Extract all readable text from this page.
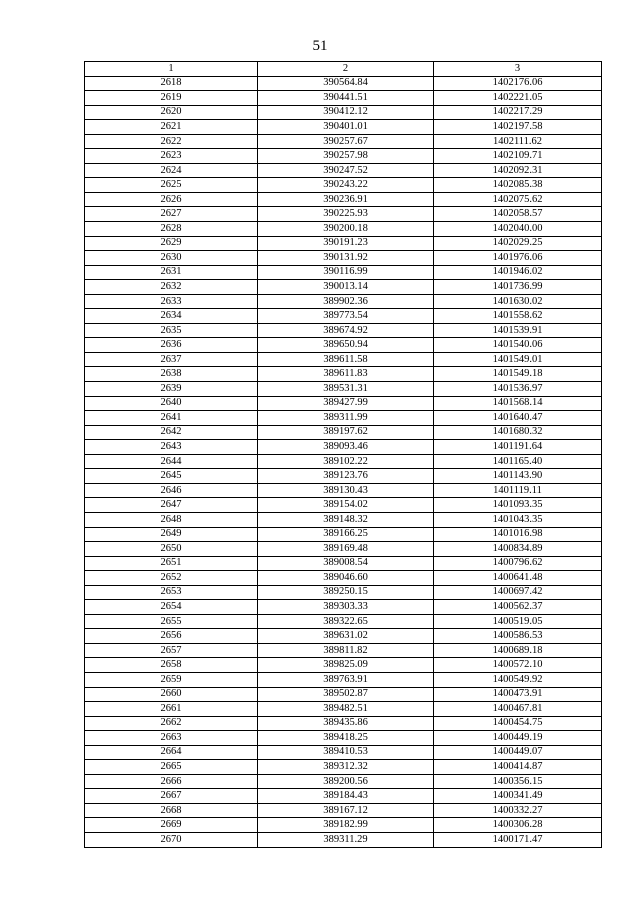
51
1	2	3
2618	390564.84	1402176.06
2619	390441.51	1402221.05
2620	390412.12	1402217.29
2621	390401.01	1402197.58
2622	390257.67	1402111.62
2623	390257.98	1402109.71
2624	390247.52	1402092.31
2625	390243.22	1402085.38
2626	390236.91	1402075.62
2627	390225.93	1402058.57
2628	390200.18	1402040.00
2629	390191.23	1402029.25
2630	390131.92	1401976.06
2631	390116.99	1401946.02
2632	390013.14	1401736.99
2633	389902.36	1401630.02
2634	389773.54	1401558.62
2635	389674.92	1401539.91
2636	389650.94	1401540.06
2637	389611.58	1401549.01
2638	389611.83	1401549.18
2639	389531.31	1401536.97
2640	389427.99	1401568.14
2641	389311.99	1401640.47
2642	389197.62	1401680.32
2643	389093.46	1401191.64
2644	389102.22	1401165.40
2645	389123.76	1401143.90
2646	389130.43	1401119.11
2647	389154.02	1401093.35
2648	389148.32	1401043.35
2649	389166.25	1401016.98
2650	389169.48	1400834.89
2651	389008.54	1400796.62
2652	389046.60	1400641.48
2653	389250.15	1400697.42
2654	389303.33	1400562.37
2655	389322.65	1400519.05
2656	389631.02	1400586.53
2657	389811.82	1400689.18
2658	389825.09	1400572.10
2659	389763.91	1400549.92
2660	389502.87	1400473.91
2661	389482.51	1400467.81
2662	389435.86	1400454.75
2663	389418.25	1400449.19
2664	389410.53	1400449.07
2665	389312.32	1400414.87
2666	389200.56	1400356.15
2667	389184.43	1400341.49
2668	389167.12	1400332.27
2669	389182.99	1400306.28
2670	389311.29	1400171.47
